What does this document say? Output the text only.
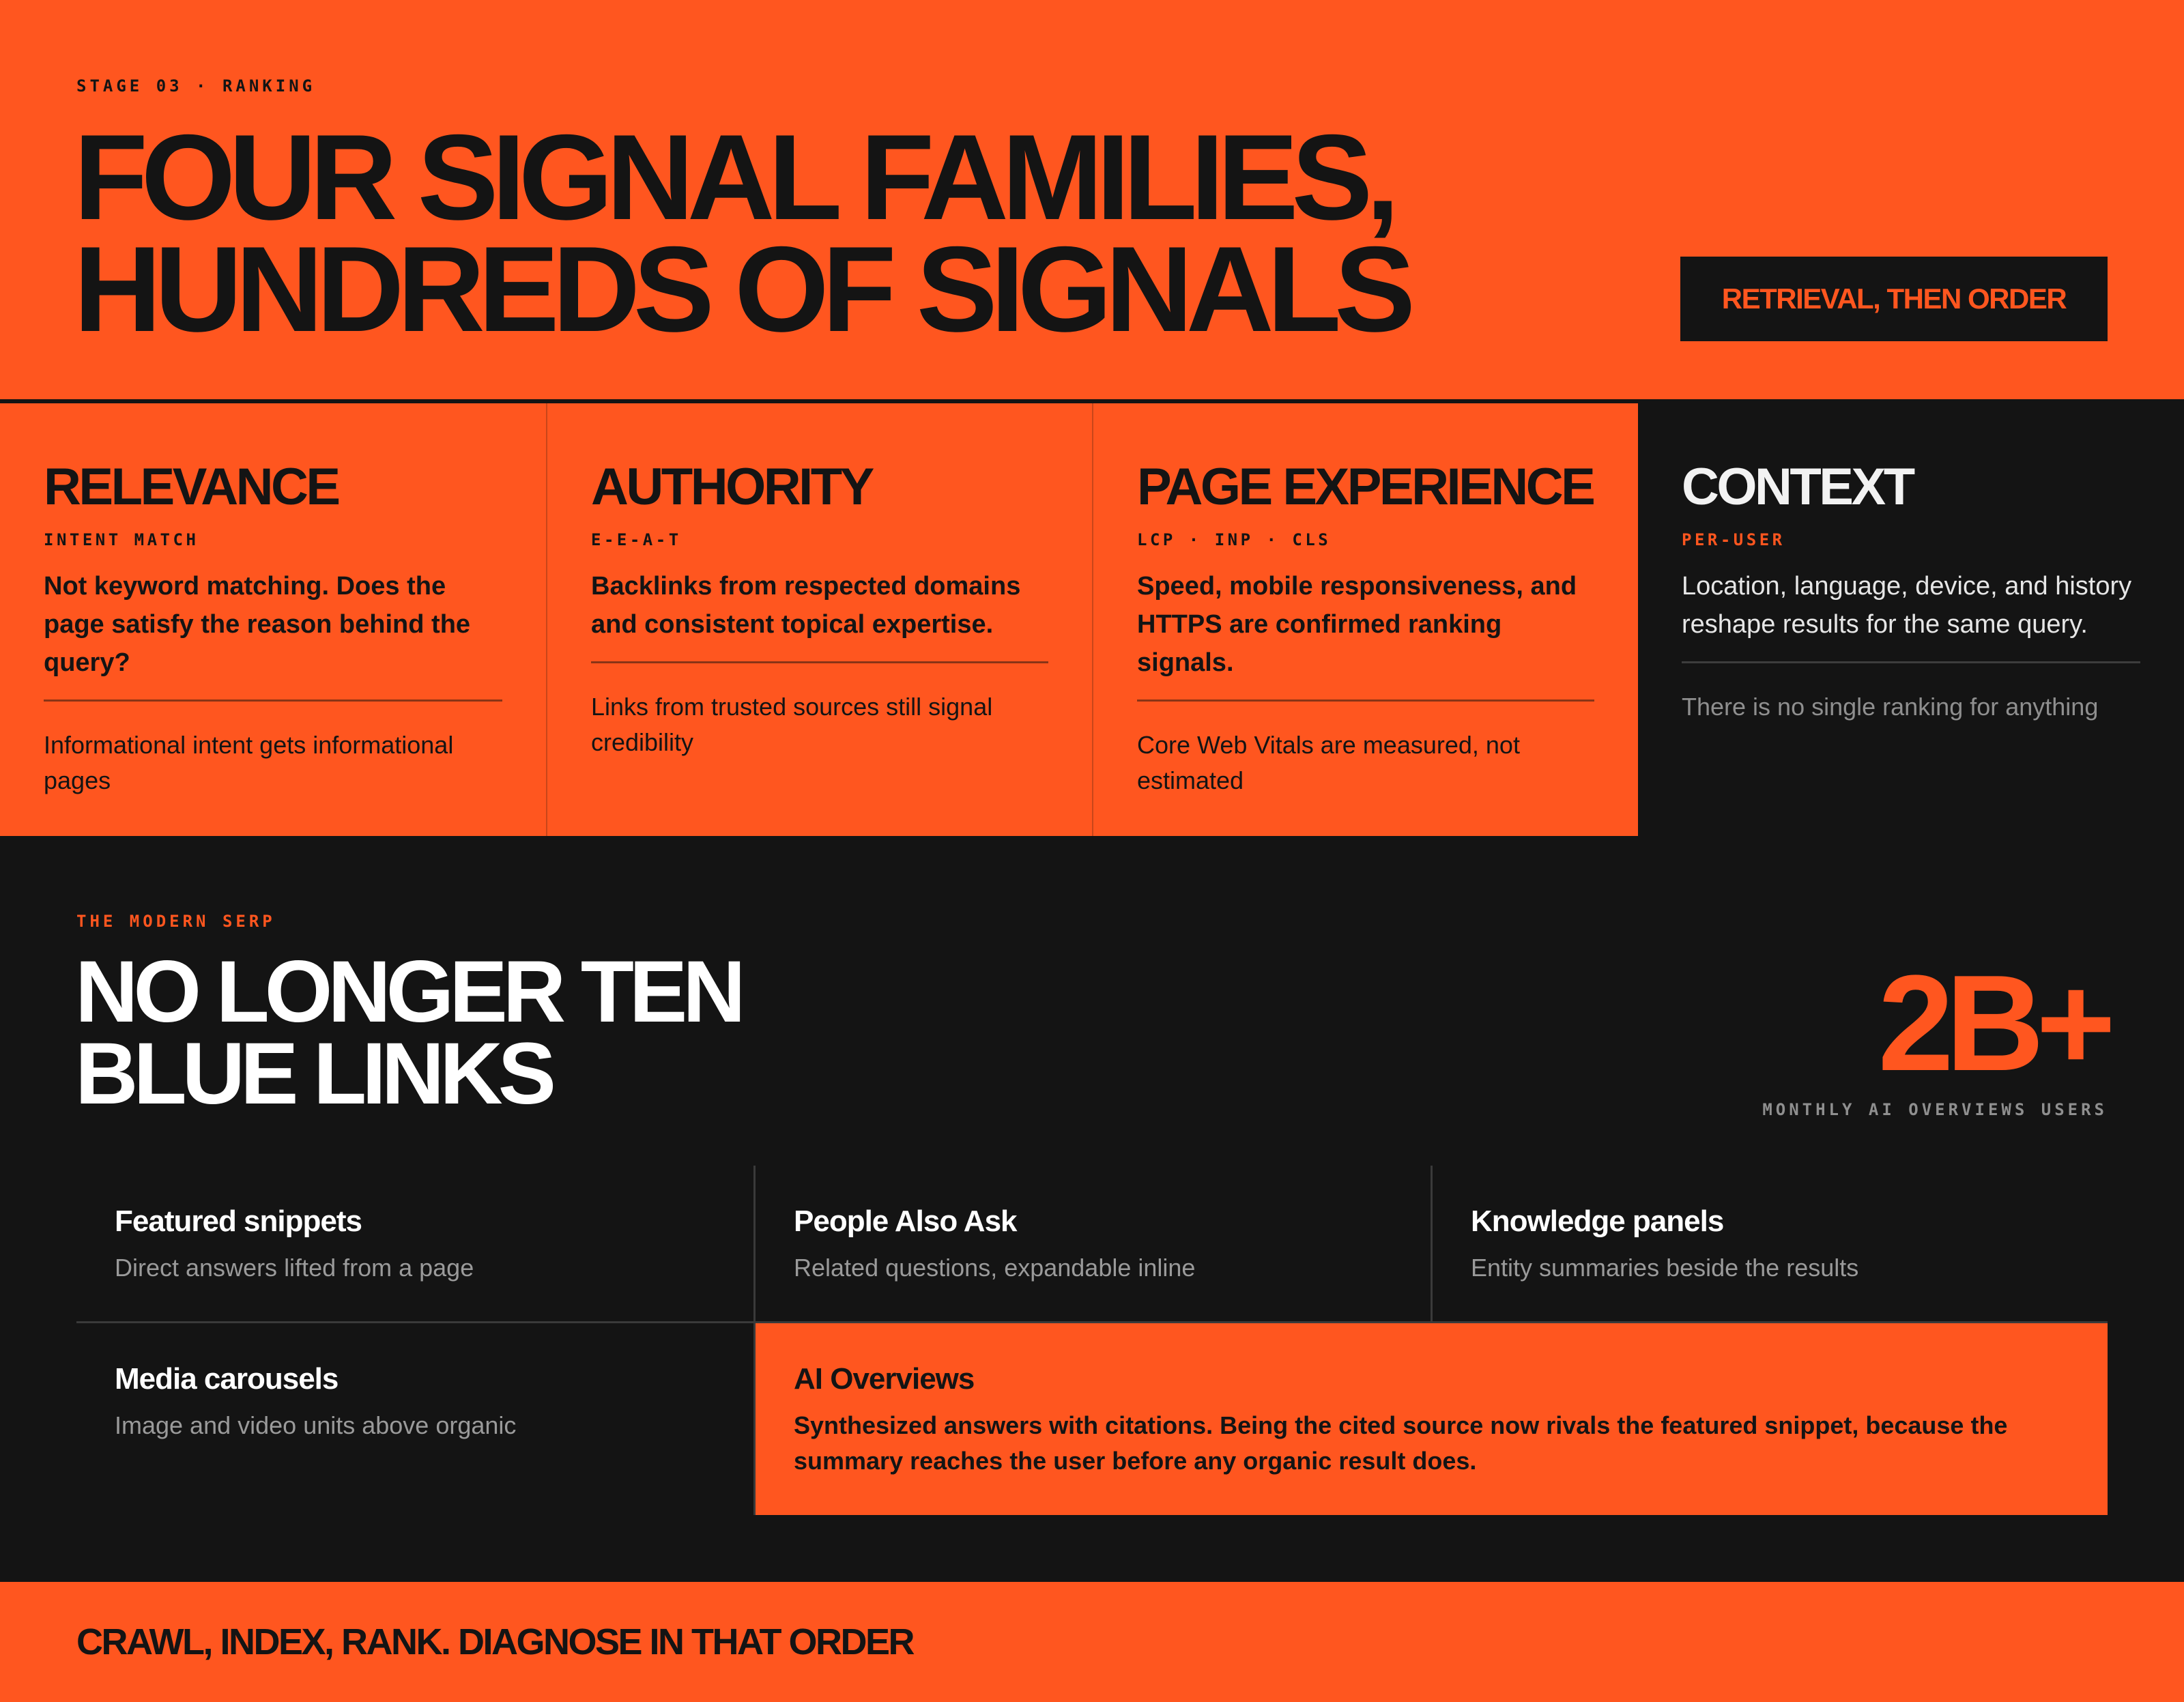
STAGE 03 · RANKING
FOUR SIGNAL FAMILIES,
HUNDREDS OF SIGNALS	RETRIEVAL, THEN ORDER
RELEVANCE
INTENT MATCH
Not keyword matching. Does the page satisfy the reason behind the query?
Informational intent gets informational pages
AUTHORITY
E-E-A-T
Backlinks from respected domains and consistent topical expertise.
Links from trusted sources still signal credibility
PAGE EXPERIENCE
LCP · INP · CLS
Speed, mobile responsiveness, and HTTPS are confirmed ranking signals.
Core Web Vitals are measured, not estimated
CONTEXT
PER-USER
Location, language, device, and history reshape results for the same query.
There is no single ranking for anything
THE MODERN SERP
NO LONGER TEN
BLUE LINKS	2B+
MONTHLY AI OVERVIEWS USERS
Featured snippets
Direct answers lifted from a page
People Also Ask
Related questions, expandable inline
Knowledge panels
Entity summaries beside the results
Media carousels
Image and video units above organic
AI Overviews
Synthesized answers with citations. Being the cited source now rivals the featured snippet, because the summary reaches the user before any organic result does.
CRAWL, INDEX, RANK. DIAGNOSE IN THAT ORDER
